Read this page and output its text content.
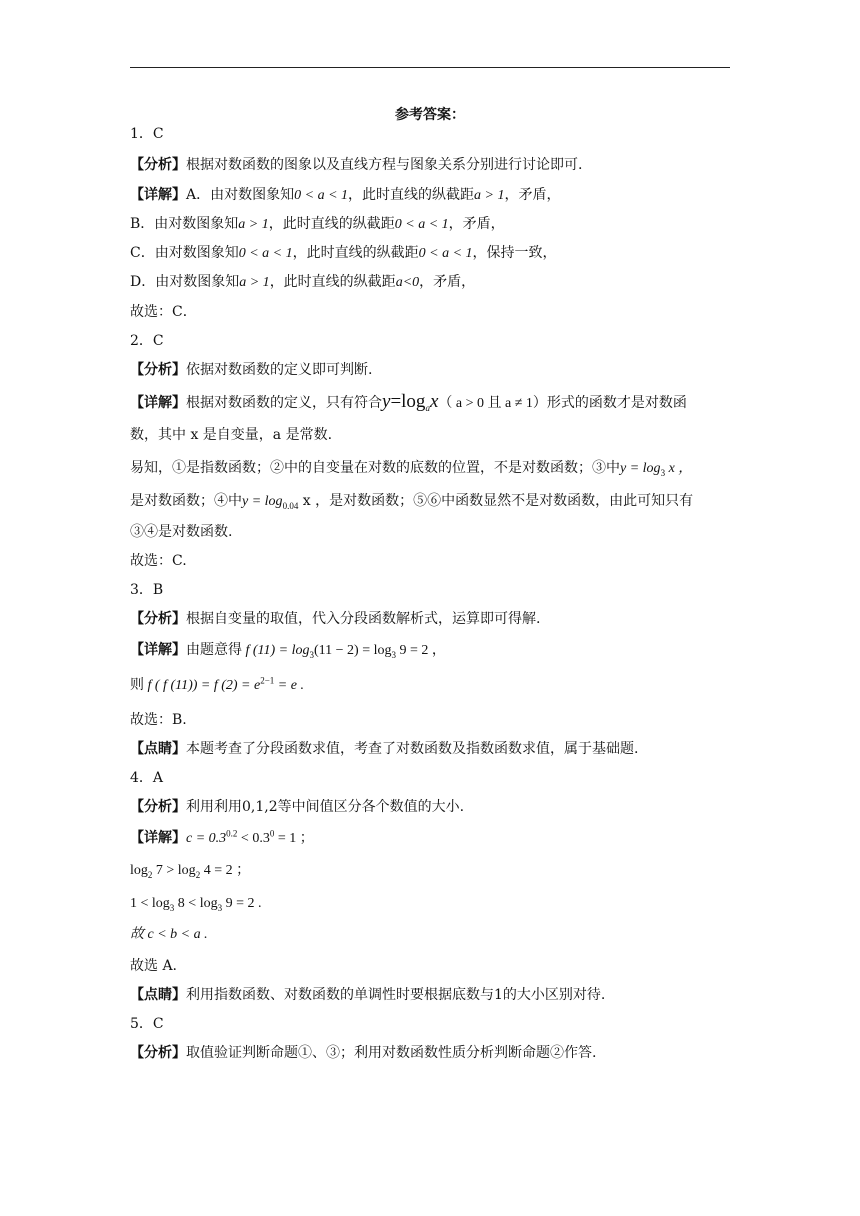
参考答案：
1．C
【分析】根据对数函数的图象以及直线方程与图象关系分别进行讨论即可.
【详解】A．由对数图象知0 < a < 1，此时直线的纵截距a > 1，矛盾，
B．由对数图象知a > 1，此时直线的纵截距0 < a < 1，矛盾，
C．由对数图象知0 < a < 1，此时直线的纵截距0 < a < 1，保持一致，
D．由对数图象知a > 1，此时直线的纵截距a<0，矛盾，
故选：C．
2．C
【分析】依据对数函数的定义即可判断.
【详解】根据对数函数的定义，只有符合$y=\log_ax$（ a > 0 且 a ≠ 1）形式的函数才是对数函
数，其中 x 是自变量，a 是常数.
易知，①是指数函数；②中的自变量在对数的底数的位置，不是对数函数；③中$y = \log_3 x$ ，
是对数函数；④中$y = \log_{0.04} x$ ，是对数函数；⑤⑥中函数显然不是对数函数，由此可知只有
③④是对数函数.
故选：C.
3．B
【分析】根据自变量的取值，代入分段函数解析式，运算即可得解.
【详解】由题意得 f $(11) = \log_3(11 - 2) = \log_3 9 = 2$ ，
则 f ( f (11)) = f $(2) = e^{2-1} = e$ .
故选：B.
【点睛】本题考查了分段函数求值，考查了对数函数及指数函数求值，属于基础题.
4．A
【分析】利用利用0,1,2等中间值区分各个数值的大小.
【详解】$c = 0.3^{0.2} < 0.3^0 = 1$ ；
$\log_2 7 > \log_2 4 = 2$ ；
$1 < \log_3 8 < \log_3 9 = 2$ .
故 c < b < a .
故选 A.
【点睛】利用指数函数、对数函数的单调性时要根据底数与1的大小区别对待.
5．C
【分析】取值验证判断命题①、③；利用对数函数性质分析判断命题②作答.
